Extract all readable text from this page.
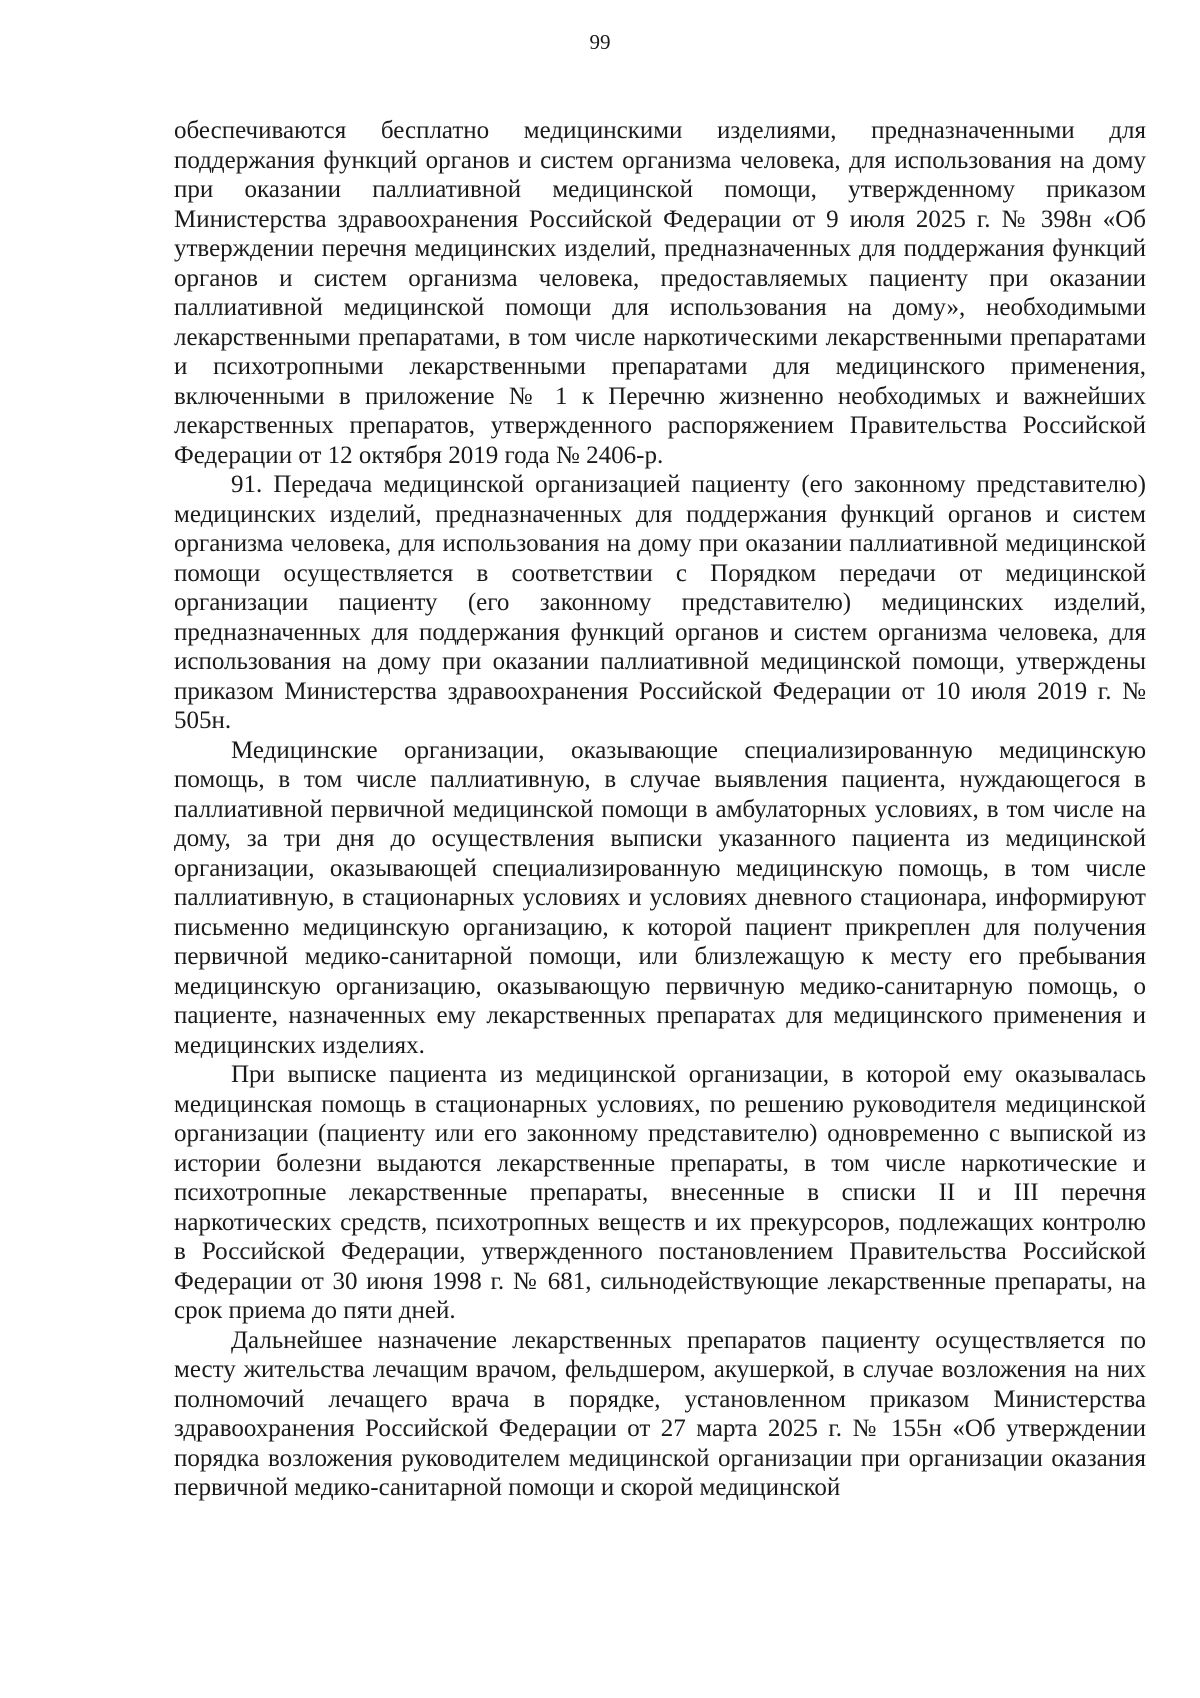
99

обеспечиваются бесплатно медицинскими изделиями, предназначенными для поддержания функций органов и систем организма человека, для использования на дому при оказании паллиативной медицинской помощи, утвержденному приказом Министерства здравоохранения Российской Федерации от 9 июля 2025 г. № 398н «Об утверждении перечня медицинских изделий, предназначенных для поддержания функций органов и систем организма человека, предоставляемых пациенту при оказании паллиативной медицинской помощи для использования на дому», необходимыми лекарственными препаратами, в том числе наркотическими лекарственными препаратами и психотропными лекарственными препаратами для медицинского применения, включенными в приложение № 1 к Перечню жизненно необходимых и важнейших лекарственных препаратов, утвержденного распоряжением Правительства Российской Федерации от 12 октября 2019 года № 2406-р.

91. Передача медицинской организацией пациенту (его законному представителю) медицинских изделий, предназначенных для поддержания функций органов и систем организма человека, для использования на дому при оказании паллиативной медицинской помощи осуществляется в соответствии с Порядком передачи от медицинской организации пациенту (его законному представителю) медицинских изделий, предназначенных для поддержания функций органов и систем организма человека, для использования на дому при оказании паллиативной медицинской помощи, утверждены приказом Министерства здравоохранения Российской Федерации от 10 июля 2019 г. № 505н.

Медицинские организации, оказывающие специализированную медицинскую помощь, в том числе паллиативную, в случае выявления пациента, нуждающегося в паллиативной первичной медицинской помощи в амбулаторных условиях, в том числе на дому, за три дня до осуществления выписки указанного пациента из медицинской организации, оказывающей специализированную медицинскую помощь, в том числе паллиативную, в стационарных условиях и условиях дневного стационара, информируют письменно медицинскую организацию, к которой пациент прикреплен для получения первичной медико-санитарной помощи, или близлежащую к месту его пребывания медицинскую организацию, оказывающую первичную медико-санитарную помощь, о пациенте, назначенных ему лекарственных препаратах для медицинского применения и медицинских изделиях.

При выписке пациента из медицинской организации, в которой ему оказывалась медицинская помощь в стационарных условиях, по решению руководителя медицинской организации (пациенту или его законному представителю) одновременно с выпиской из истории болезни выдаются лекарственные препараты, в том числе наркотические и психотропные лекарственные препараты, внесенные в списки II и III перечня наркотических средств, психотропных веществ и их прекурсоров, подлежащих контролю в Российской Федерации, утвержденного постановлением Правительства Российской Федерации от 30 июня 1998 г. № 681, сильнодействующие лекарственные препараты, на срок приема до пяти дней.

Дальнейшее назначение лекарственных препаратов пациенту осуществляется по месту жительства лечащим врачом, фельдшером, акушеркой, в случае возложения на них полномочий лечащего врача в порядке, установленном приказом Министерства здравоохранения Российской Федерации от 27 марта 2025 г. № 155н «Об утверждении порядка возложения руководителем медицинской организации при организации оказания первичной медико-санитарной помощи и скорой медицинской
